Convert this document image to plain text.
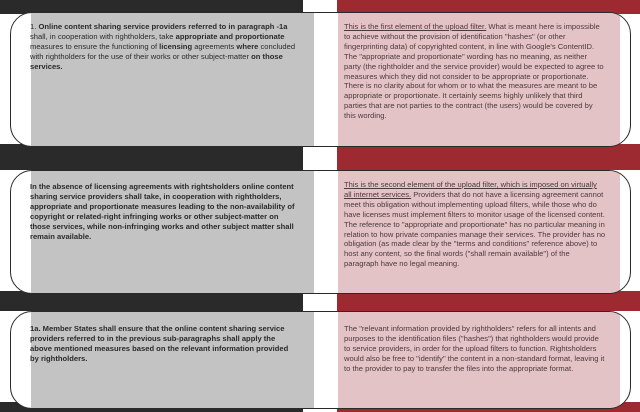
1. Online content sharing service providers referred to in paragraph -1a shall, in cooperation with rightholders, take appropriate and proportionate measures to ensure the functioning of licensing agreements where concluded with rightholders for the use of their works or other subject-matter on those services.
This is the first element of the upload filter. What is meant here is impossible to achieve without the provision of identification "hashes" (or other fingerprinting data) of copyrighted content, in line with Google's ContentID. The "appropriate and proportionate" wording has no meaning, as neither party (the rightholder and the service provider) would be expected to agree to measures which they did not consider to be appropriate or proportionate. There is no clarity about for whom or to what the measures are meant to be appropriate or proportionate. It certainly seems highly unlikely that third parties that are not parties to the contract (the users) would be covered by this wording.
In the absence of licensing agreements with rightsholders online content sharing service providers shall take, in cooperation with rightholders, appropriate and proportionate measures leading to the non-availability of copyright or related-right infringing works or other subject-matter on those services, while non-infringing works and other subject matter shall remain available.
This is the second element of the upload filter, which is imposed on virtually all internet services. Providers that do not have a licensing agreement cannot meet this obligation without implementing upload filters, while those who do have licenses must implement filters to monitor usage of the licensed content. The reference to "appropriate and proportionate" has no particular meaning in relation to how private companies manage their services. The provider has no obligation (as made clear by the "terms and conditions" reference above) to host any content, so the final words ("shall remain available") of the paragraph have no legal meaning.
1a. Member States shall ensure that the online content sharing service providers referred to in the previous sub-paragraphs shall apply the above mentioned measures based on the relevant information provided by rightholders.
The "relevant information provided by rightholders" refers for all intents and purposes to the identification files ("hashes") that rightholders would provide to service providers, in order for the upload filters to function. Rightsholders would also be free to "identify" the content in a non-standard format, leaving it to the provider to pay to transfer the files into the appropriate format.
